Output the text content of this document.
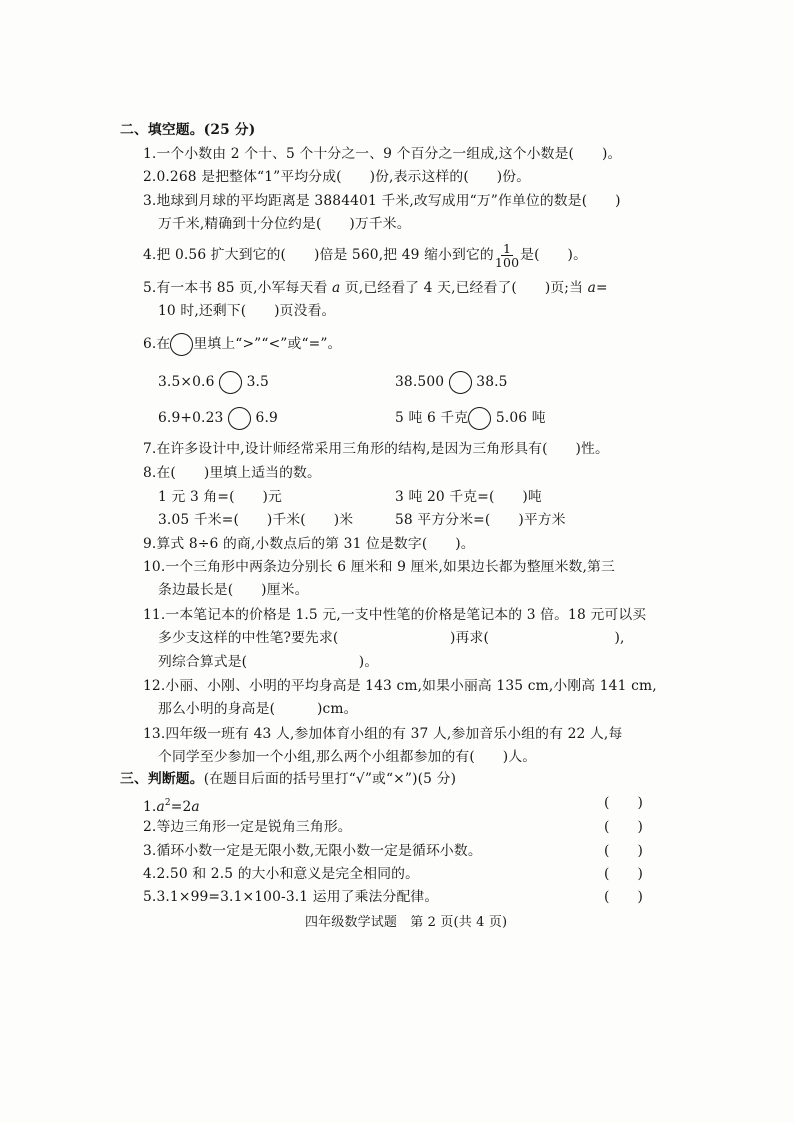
二、填空题。(25 分)
1.一个小数由 2 个十、5 个十分之一、9 个百分之一组成,这个小数是(　　)。
2.0.268 是把整体“1”平均分成(　　)份,表示这样的(　　)份。
3.地球到月球的平均距离是 3884401 千米,改写成用“万”作单位的数是(　　)
万千米,精确到十分位约是(　　)万千米。
4.把 0.56 扩大到它的(　　)倍是 560,把 49 缩小到它的 $\frac{1}{100}$ 是(　　)。
5.有一本书 85 页,小军每天看 a 页,已经看了 4 天,已经看了(　　)页;当 a=
10 时,还剩下(　　)页没看。
6.在 里填上“>”“<”或“=”。
3.5×0.6 3.5	38.500 38.5
6.9+0.23 6.9	5 吨 6 千克 5.06 吨
7.在许多设计中,设计师经常采用三角形的结构,是因为三角形具有(　　)性。
8.在(　　)里填上适当的数。
1 元 3 角=(　　)元	3 吨 20 千克=(　　)吨
3.05 千米=(　　)千米(　　)米	58 平方分米=(　　)平方米
9.算式 8÷6 的商,小数点后的第 31 位是数字(　　)。
10.一个三角形中两条边分别长 6 厘米和 9 厘米,如果边长都为整厘米数,第三
条边最长是(　　)厘米。
11.一本笔记本的价格是 1.5 元,一支中性笔的价格是笔记本的 3 倍。18 元可以买
多少支这样的中性笔?要先求(　　　　　　　　)再求(　　　　　　　　　),
列综合算式是(　　　　　　　　)。
12.小丽、小刚、小明的平均身高是 143 cm,如果小丽高 135 cm,小刚高 141 cm,
那么小明的身高是(　　　)cm。
13.四年级一班有 43 人,参加体育小组的有 37 人,参加音乐小组的有 22 人,每
个同学至少参加一个小组,那么两个小组都参加的有(　　)人。
三、判断题。(在题目后面的括号里打“√”或“×”)(5 分)
$1.a^2=2a$	(　　)
2.等边三角形一定是锐角三角形。	(　　)
3.循环小数一定是无限小数,无限小数一定是循环小数。	(　　)
4.2.50 和 2.5 的大小和意义是完全相同的。	(　　)
5.3.1×99=3.1×100-3.1 运用了乘法分配律。	(　　)
四年级数学试题　第 2 页(共 4 页)
